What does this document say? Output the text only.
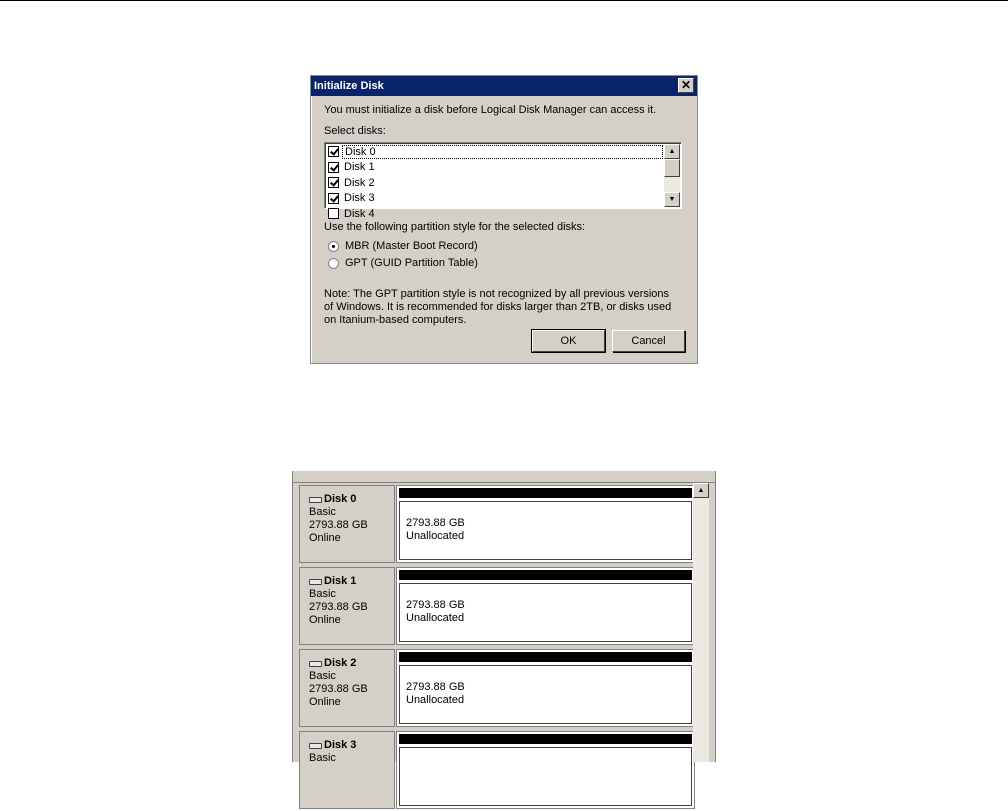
Initialize Disk	✕
You must initialize a disk before Logical Disk Manager can access it.
Select disks:
Disk 0
Disk 1
Disk 2
Disk 3
Disk 4
▲
▼
Use the following partition style for the selected disks:
MBR (Master Boot Record)
GPT (GUID Partition Table)
Note: The GPT partition style is not recognized by all previous versions of Windows. It is recommended for disks larger than 2TB, or disks used on Itanium-based computers.
OK	Cancel
Disk 0
Basic
2793.88 GB
Online
2793.88 GB
Unallocated
Disk 1
Basic
2793.88 GB
Online
2793.88 GB
Unallocated
Disk 2
Basic
2793.88 GB
Online
2793.88 GB
Unallocated
Disk 3
Basic
▲
